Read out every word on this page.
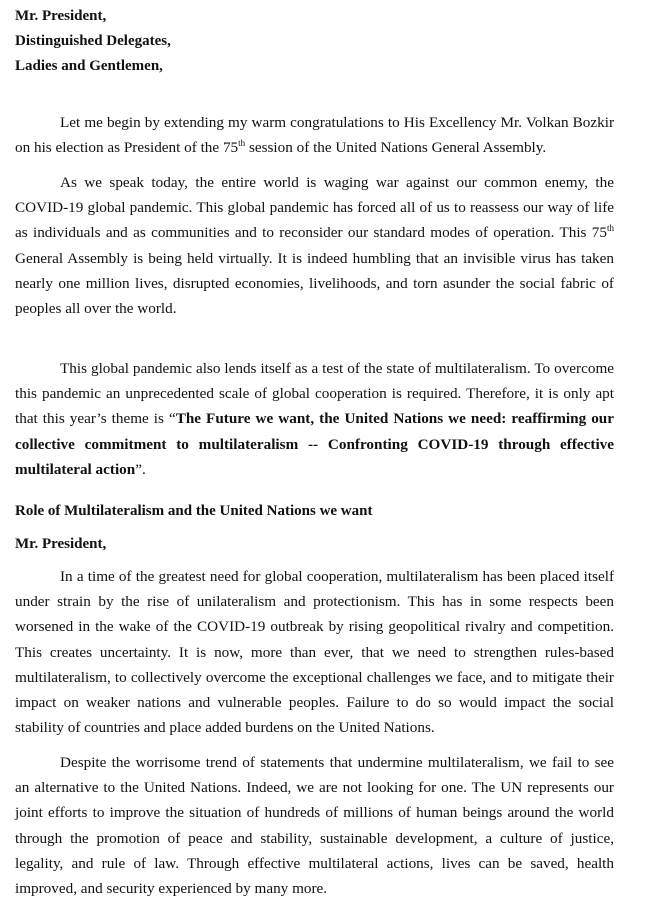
Mr. President,
Distinguished Delegates,
Ladies and Gentlemen,

Let me begin by extending my warm congratulations to His Excellency Mr. Volkan Bozkir on his election as President of the 75th session of the United Nations General Assembly.

As we speak today, the entire world is waging war against our common enemy, the COVID-19 global pandemic. This global pandemic has forced all of us to reassess our way of life as individuals and as communities and to reconsider our standard modes of operation. This 75th General Assembly is being held virtually. It is indeed humbling that an invisible virus has taken nearly one million lives, disrupted economies, livelihoods, and torn asunder the social fabric of peoples all over the world.

This global pandemic also lends itself as a test of the state of multilateralism. To overcome this pandemic an unprecedented scale of global cooperation is required. Therefore, it is only apt that this year’s theme is “The Future we want, the United Nations we need: reaffirming our collective commitment to multilateralism -- Confronting COVID-19 through effective multilateral action”.

Role of Multilateralism and the United Nations we want
Mr. President,

In a time of the greatest need for global cooperation, multilateralism has been placed itself under strain by the rise of unilateralism and protectionism. This has in some respects been worsened in the wake of the COVID-19 outbreak by rising geopolitical rivalry and competition. This creates uncertainty. It is now, more than ever, that we need to strengthen rules-based multilateralism, to collectively overcome the exceptional challenges we face, and to mitigate their impact on weaker nations and vulnerable peoples. Failure to do so would impact the social stability of countries and place added burdens on the United Nations.

Despite the worrisome trend of statements that undermine multilateralism, we fail to see an alternative to the United Nations. Indeed, we are not looking for one. The UN represents our joint efforts to improve the situation of hundreds of millions of human beings around the world through the promotion of peace and stability, sustainable development, a culture of justice, legality, and rule of law. Through effective multilateral actions, lives can be saved, health improved, and security experienced by many more.
